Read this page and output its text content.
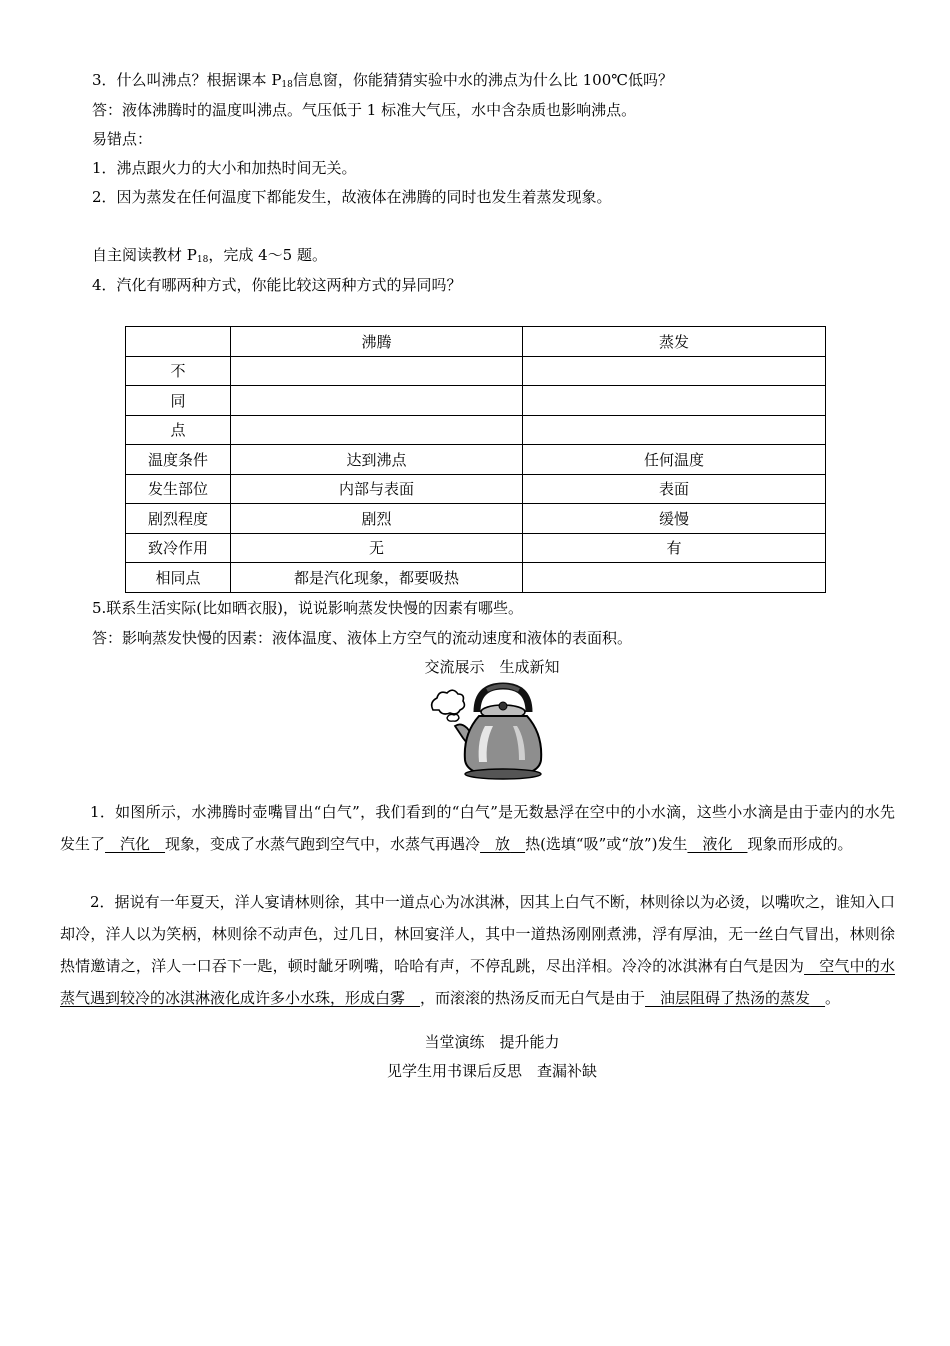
3．什么叫沸点？根据课本 $P_{18}$信息窗，你能猜猜实验中水的沸点为什么比 100℃低吗？
答：液体沸腾时的温度叫沸点。气压低于 1 标准大气压，水中含杂质也影响沸点。
易错点：
1．沸点跟火力的大小和加热时间无关。
2．因为蒸发在任何温度下都能发生，故液体在沸腾的同时也发生着蒸发现象。
自主阅读教材 $P_{18}$，完成 4～5 题。
4．汽化有哪两种方式，你能比较这两种方式的异同吗？
	沸腾	蒸发
不		
同		
点		
温度条件	达到沸点	任何温度
发生部位	内部与表面	表面
剧烈程度	剧烈	缓慢
致冷作用	无	有
相同点	都是汽化现象，都要吸热	
5.联系生活实际(比如晒衣服)，说说影响蒸发快慢的因素有哪些。
答：影响蒸发快慢的因素：液体温度、液体上方空气的流动速度和液体的表面积。
交流展示　生成新知
1．如图所示，水沸腾时壶嘴冒出“白气”，我们看到的“白气”是无数悬浮在空中的小水滴，这些小水滴是由于壶内的水先发生了  汽化  现象，变成了水蒸气跑到空气中，水蒸气再遇冷  放  热(选填“吸”或“放”)发生  液化  现象而形成的。
2．据说有一年夏天，洋人宴请林则徐，其中一道点心为冰淇淋，因其上白气不断，林则徐以为必烫，以嘴吹之，谁知入口却冷，洋人以为笑柄，林则徐不动声色，过几日，林回宴洋人，其中一道热汤刚刚煮沸，浮有厚油，无一丝白气冒出，林则徐热情邀请之，洋人一口吞下一匙，顿时龇牙咧嘴，哈哈有声，不停乱跳，尽出洋相。冷冷的冰淇淋有白气是因为  空气中的水蒸气遇到较冷的冰淇淋液化成许多小水珠，形成白雾  ，而滚滚的热汤反而无白气是由于  油层阻碍了热汤的蒸发  。
当堂演练　提升能力
见学生用书课后反思　查漏补缺
